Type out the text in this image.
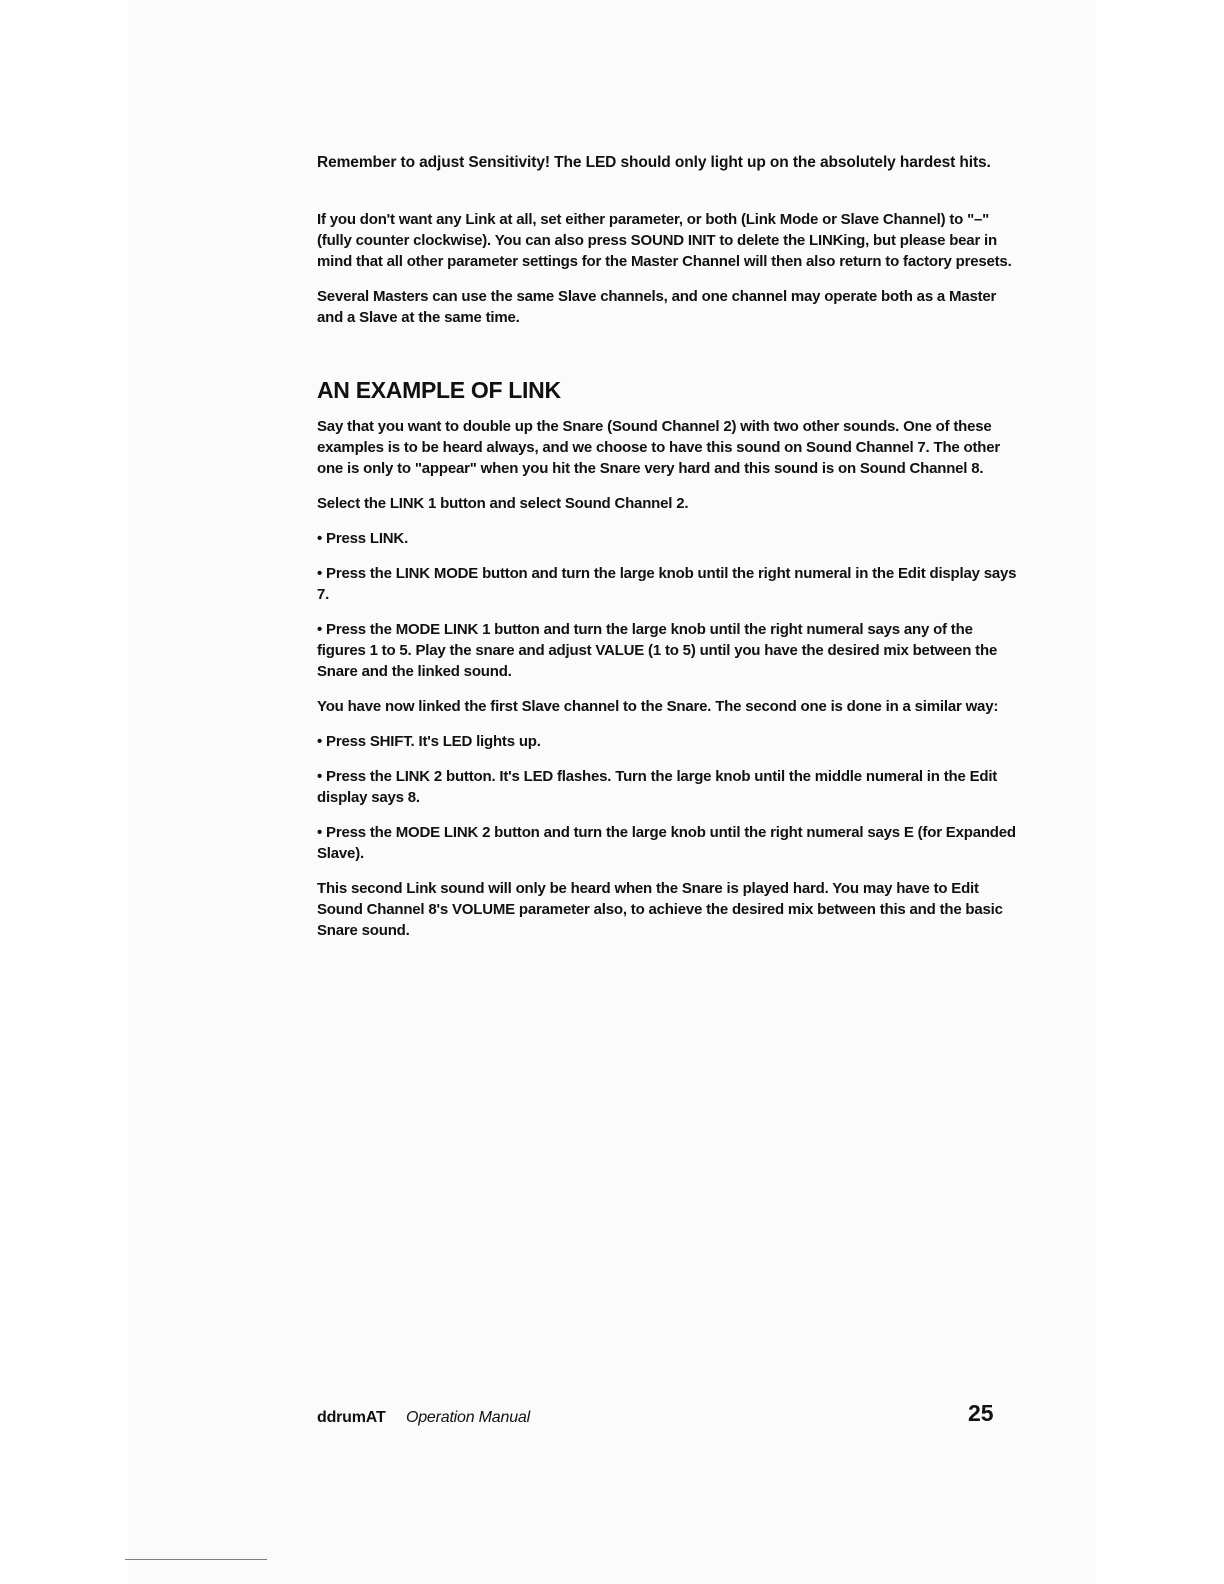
Remember to adjust Sensitivity! The LED should only light up on the absolutely hardest hits.

If you don't want any Link at all, set either parameter, or both (Link Mode or Slave Channel) to "–" (fully counter clockwise). You can also press SOUND INIT to delete the LINKing, but please bear in mind that all other parameter settings for the Master Channel will then also return to factory presets.

Several Masters can use the same Slave channels, and one channel may operate both as a Master and a Slave at the same time.

AN EXAMPLE OF LINK

Say that you want to double up the Snare (Sound Channel 2) with two other sounds. One of these examples is to be heard always, and we choose to have this sound on Sound Channel 7. The other one is only to "appear" when you hit the Snare very hard and this sound is on Sound Channel 8.

Select the LINK 1 button and select Sound Channel 2.

• Press LINK.

• Press the LINK MODE button and turn the large knob until the right numeral in the Edit display says 7.

• Press the MODE LINK 1 button and turn the large knob until the right numeral says any of the figures 1 to 5. Play the snare and adjust VALUE (1 to 5) until you have the desired mix between the Snare and the linked sound.

You have now linked the first Slave channel to the Snare. The second one is done in a similar way:

• Press SHIFT. It's LED lights up.

• Press the LINK 2 button. It's LED flashes. Turn the large knob until the middle numeral in the Edit display says 8.

• Press the MODE LINK 2 button and turn the large knob until the right numeral says E (for Expanded Slave).

This second Link sound will only be heard when the Snare is played hard. You may have to Edit Sound Channel 8's VOLUME parameter also, to achieve the desired mix between this and the basic Snare sound.

ddrumAT Operation Manual	25
